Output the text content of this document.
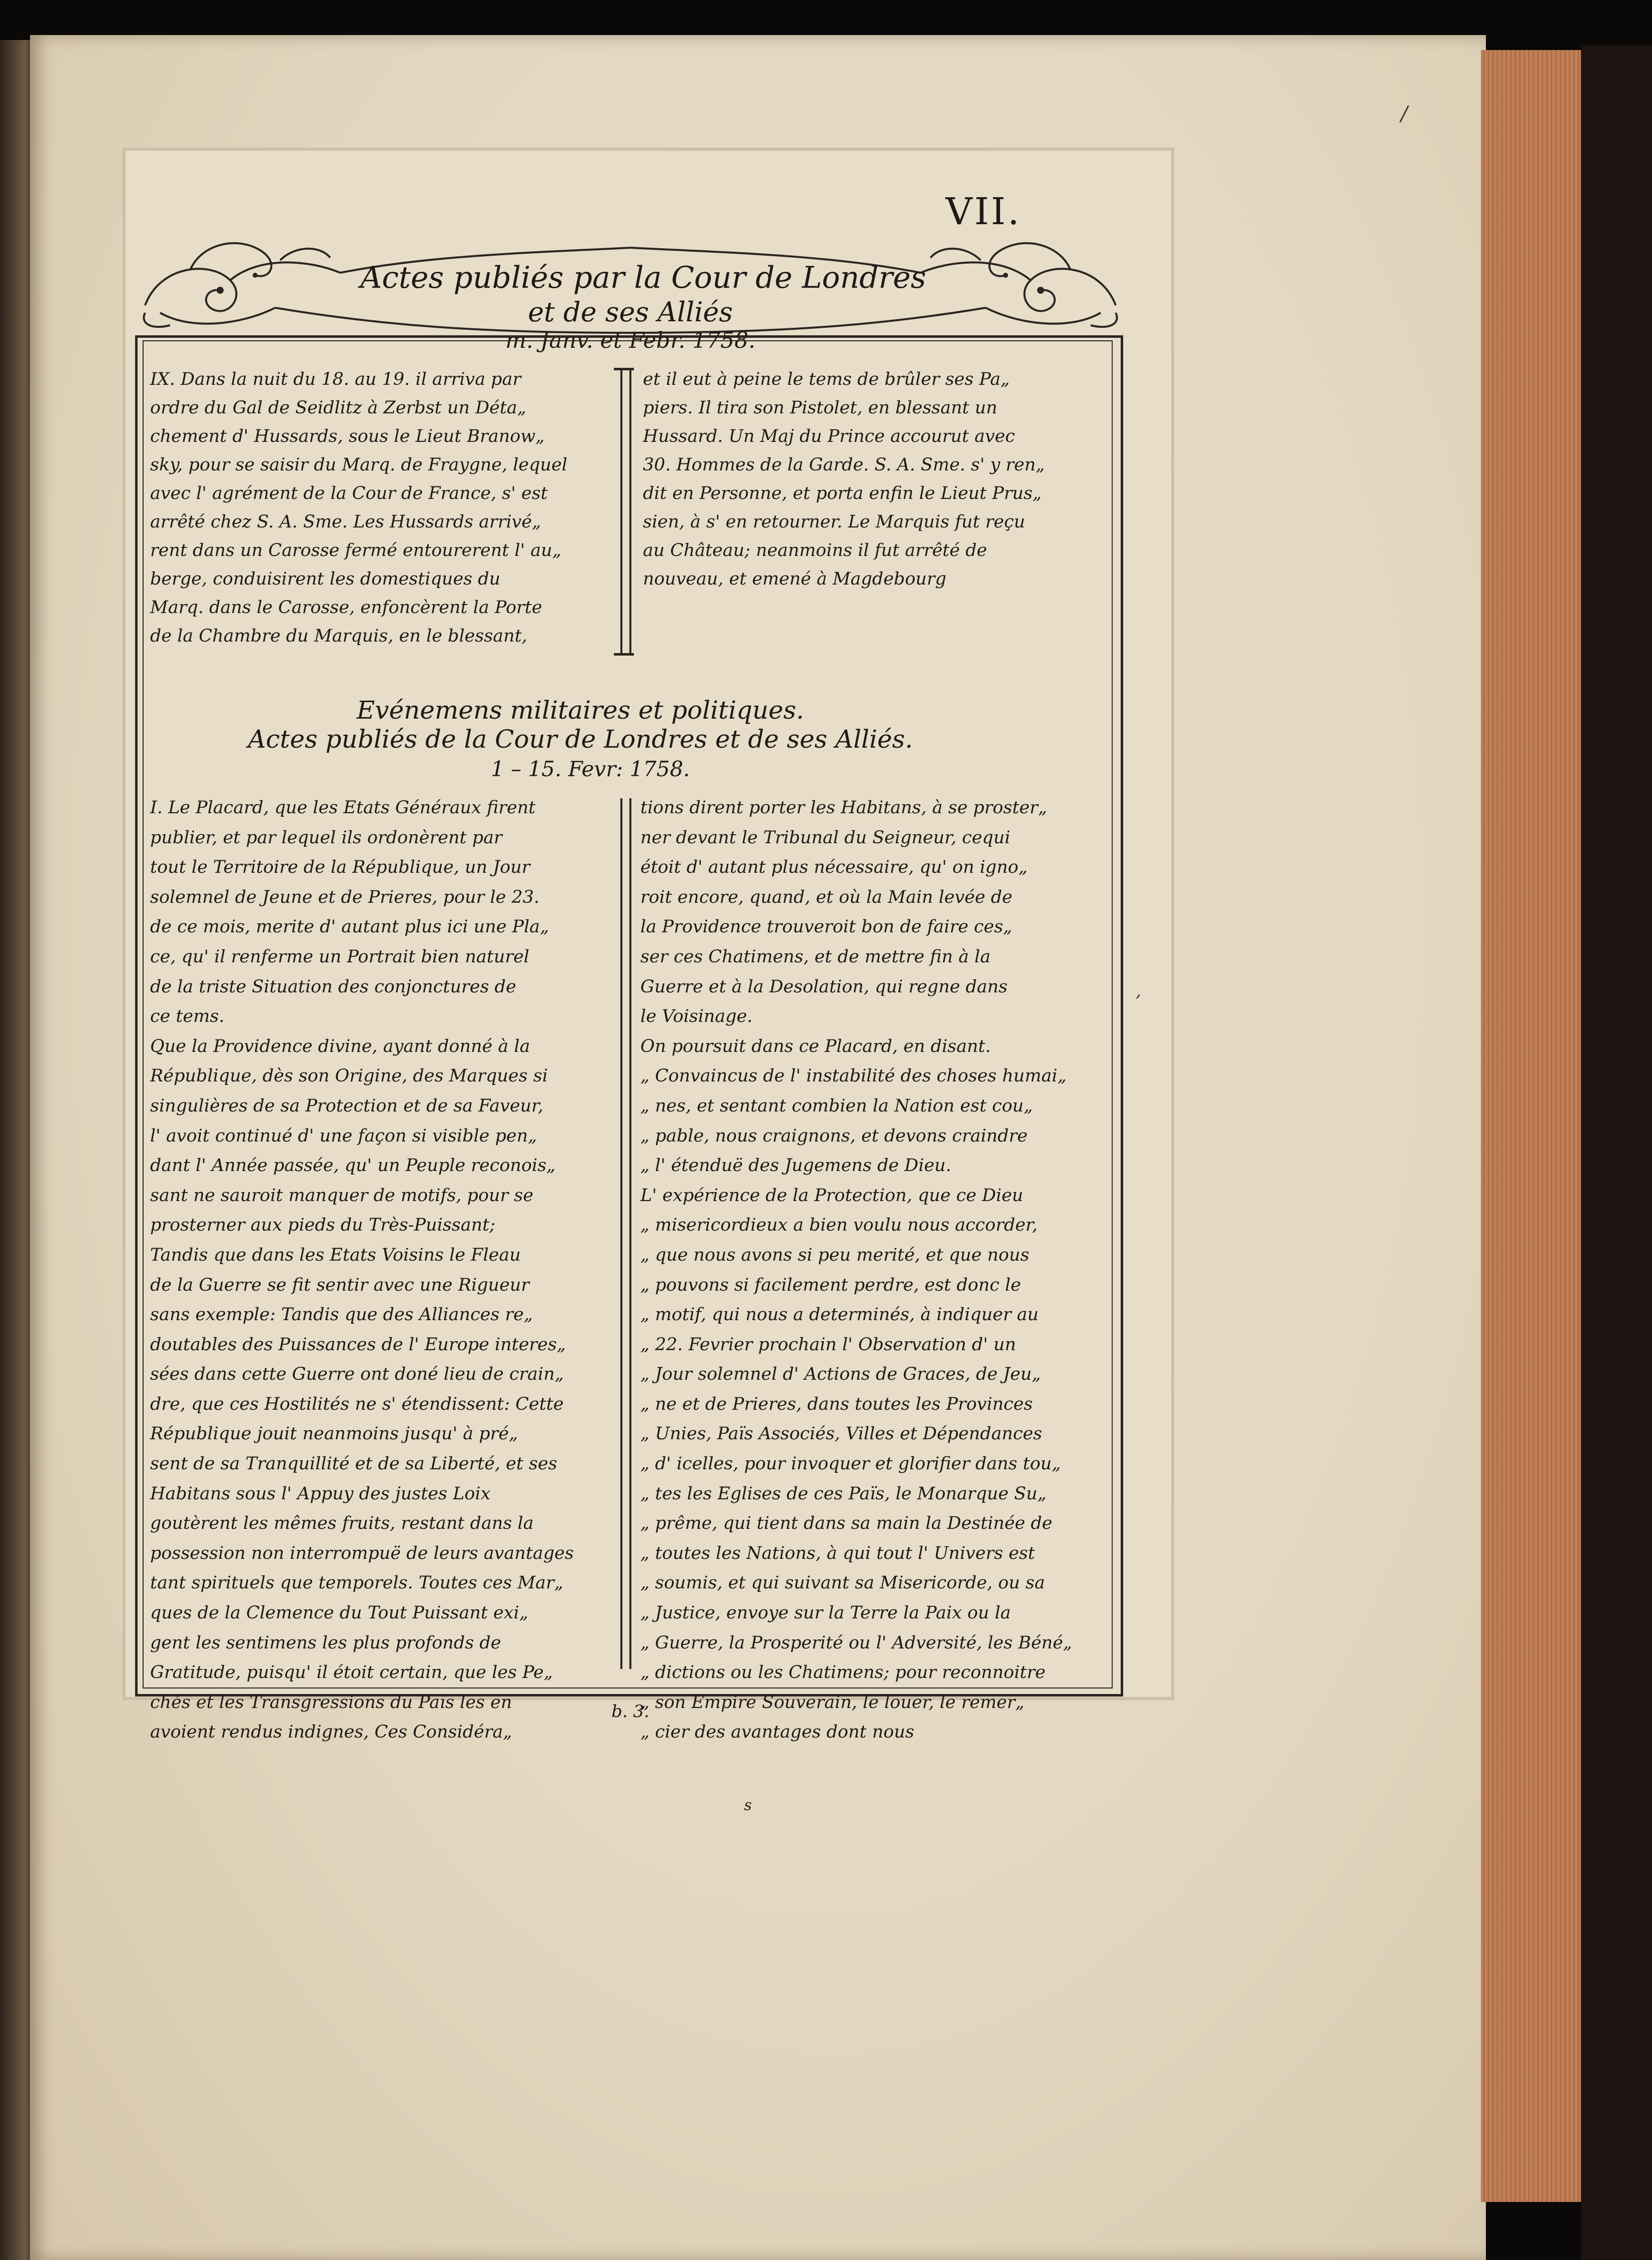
/
,
VII.
Actes publiés par la Cour de Londres
et de ses Alliés
m. Janv. et Febr. 1758.
IX. Dans la nuit du 18. au 19. il arriva par
ordre du Gal de Seidlitz à Zerbst un Déta„
chement d' Hussards, sous le Lieut Branow„
sky, pour se saisir du Marq. de Fraygne, lequel
avec l' agrément de la Cour de France, s' est
arrêté chez S. A. Sme. Les Hussards arrivé„
rent dans un Carosse fermé entourerent l' au„
berge, conduisirent les domestiques du
Marq. dans le Carosse, enfoncèrent la Porte
de la Chambre du Marquis, en le blessant,
et il eut à peine le tems de brûler ses Pa„
piers. Il tira son Pistolet, en blessant un
Hussard. Un Maj du Prince accourut avec
30. Hommes de la Garde. S. A. Sme. s' y ren„
dit en Personne, et porta enfin le Lieut Prus„
sien, à s' en retourner. Le Marquis fut reçu
au Château; neanmoins il fut arrêté de
nouveau, et emené à Magdebourg
Evénemens militaires et politiques.
Actes publiés de la Cour de Londres et de ses Alliés.
1 – 15. Fevr: 1758.
I. Le Placard, que les Etats Généraux firent
publier, et par lequel ils ordonèrent par
tout le Territoire de la République, un Jour
solemnel de Jeune et de Prieres, pour le 23.
de ce mois, merite d' autant plus ici une Pla„
ce, qu' il renferme un Portrait bien naturel
de la triste Situation des conjonctures de
ce tems.
Que la Providence divine, ayant donné à la
République, dès son Origine, des Marques si
singulières de sa Protection et de sa Faveur,
l' avoit continué d' une façon si visible pen„
dant l' Année passée, qu' un Peuple reconois„
sant ne sauroit manquer de motifs, pour se
prosterner aux pieds du Très-Puissant;
Tandis que dans les Etats Voisins le Fleau
de la Guerre se fit sentir avec une Rigueur
sans exemple: Tandis que des Alliances re„
doutables des Puissances de l' Europe interes„
sées dans cette Guerre ont doné lieu de crain„
dre, que ces Hostilités ne s' étendissent: Cette
République jouit neanmoins jusqu' à pré„
sent de sa Tranquillité et de sa Liberté, et ses
Habitans sous l' Appuy des justes Loix
goutèrent les mêmes fruits, restant dans la
possession non interrompuë de leurs avantages
tant spirituels que temporels. Toutes ces Mar„
ques de la Clemence du Tout Puissant exi„
gent les sentimens les plus profonds de
Gratitude, puisqu' il étoit certain, que les Pe„
chés et les Transgressions du Païs les en
avoient rendus indignes, Ces Considéra„
tions dirent porter les Habitans, à se proster„
ner devant le Tribunal du Seigneur, cequi
étoit d' autant plus nécessaire, qu' on igno„
roit encore, quand, et où la Main levée de
la Providence trouveroit bon de faire ces„
ser ces Chatimens, et de mettre fin à la
Guerre et à la Desolation, qui regne dans
le Voisinage.
On poursuit dans ce Placard, en disant.
„ Convaincus de l' instabilité des choses humai„
„ nes, et sentant combien la Nation est cou„
„ pable, nous craignons, et devons craindre
„ l' étenduë des Jugemens de Dieu.
L' expérience de la Protection, que ce Dieu
„ misericordieux a bien voulu nous accorder,
„ que nous avons si peu merité, et que nous
„ pouvons si facilement perdre, est donc le
„ motif, qui nous a determinés, à indiquer au
„ 22. Fevrier prochain l' Observation d' un
„ Jour solemnel d' Actions de Graces, de Jeu„
„ ne et de Prieres, dans toutes les Provinces
„ Unies, Païs Associés, Villes et Dépendances
„ d' icelles, pour invoquer et glorifier dans tou„
„ tes les Eglises de ces Païs, le Monarque Su„
„ prême, qui tient dans sa main la Destinée de
„ toutes les Nations, à qui tout l' Univers est
„ soumis, et qui suivant sa Misericorde, ou sa
„ Justice, envoye sur la Terre la Paix ou la
„ Guerre, la Prosperité ou l' Adversité, les Béné„
„ dictions ou les Chatimens; pour reconnoitre
„ son Empire Souverain, le louer, le remer„
„ cier des avantages dont nous
b. 3.
s
